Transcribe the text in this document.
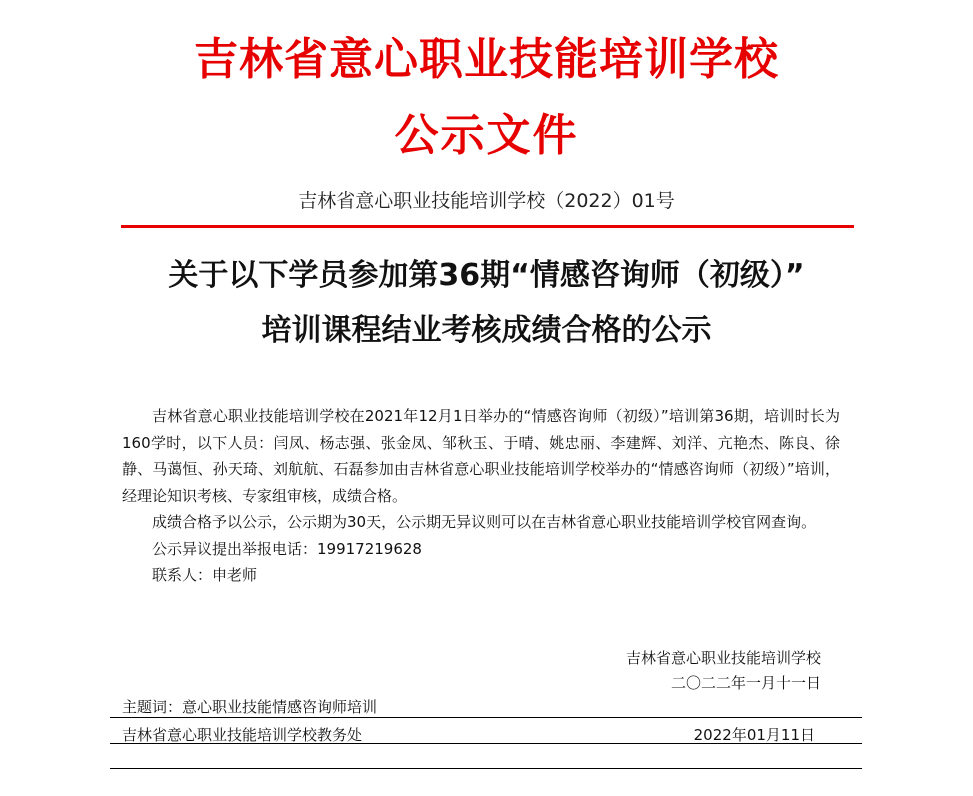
吉林省意心职业技能培训学校
公示文件
吉林省意心职业技能培训学校（2022）01号
关于以下学员参加第36期“情感咨询师（初级）”
培训课程结业考核成绩合格的公示

吉林省意心职业技能培训学校在2021年12月1日举办的“情感咨询师（初级）”培训第36期，培训时长为160学时，以下人员：闫凤、杨志强、张金凤、邹秋玉、于晴、姚忠丽、李建辉、刘洋、亢艳杰、陈良、徐静、马蔼恒、孙天琦、刘航航、石磊参加由吉林省意心职业技能培训学校举办的“情感咨询师（初级）”培训，经理论知识考核、专家组审核，成绩合格。

成绩合格予以公示，公示期为30天，公示期无异议则可以在吉林省意心职业技能培训学校官网查询。

公示异议提出举报电话：19917219628

联系人：申老师

吉林省意心职业技能培训学校
二〇二二年一月十一日
主题词：意心职业技能情感咨询师培训
吉林省意心职业技能培训学校教务处	2022年01月11日
